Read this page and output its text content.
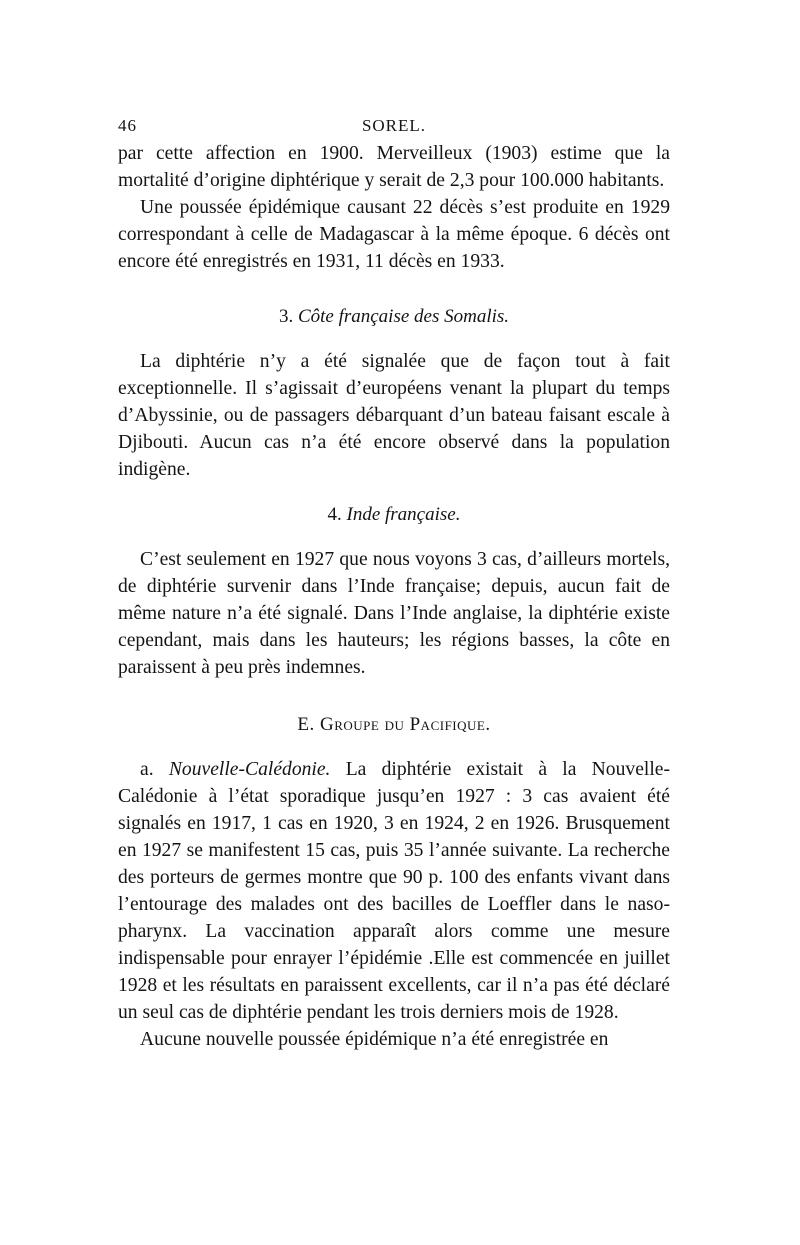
46	SOREL.

par cette affection en 1900. Merveilleux (1903) estime que la mortalité d’origine diphtérique y serait de 2,3 pour 100.000 habitants.

Une poussée épidémique causant 22 décès s’est produite en 1929 correspondant à celle de Madagascar à la même époque. 6 décès ont encore été enregistrés en 1931, 11 décès en 1933.

3. Côte française des Somalis.

La diphtérie n’y a été signalée que de façon tout à fait exceptionnelle. Il s’agissait d’européens venant la plupart du temps d’Abyssinie, ou de passagers débarquant d’un bateau faisant escale à Djibouti. Aucun cas n’a été encore observé dans la population indigène.

4. Inde française.

C’est seulement en 1927 que nous voyons 3 cas, d’ailleurs mortels, de diphtérie survenir dans l’Inde française; depuis, aucun fait de même nature n’a été signalé. Dans l’Inde anglaise, la diphtérie existe cependant, mais dans les hauteurs; les régions basses, la côte en paraissent à peu près indemnes.

E. Groupe du Pacifique.

a. Nouvelle-Calédonie. La diphtérie existait à la Nouvelle-Calédonie à l’état sporadique jusqu’en 1927 : 3 cas avaient été signalés en 1917, 1 cas en 1920, 3 en 1924, 2 en 1926. Brusquement en 1927 se manifestent 15 cas, puis 35 l’année suivante. La recherche des porteurs de germes montre que 90 p. 100 des enfants vivant dans l’entourage des malades ont des bacilles de Loeffler dans le naso-pharynx. La vaccination apparaît alors comme une mesure indispensable pour enrayer l’épidémie .Elle est commencée en juillet 1928 et les résultats en paraissent excellents, car il n’a pas été déclaré un seul cas de diphtérie pendant les trois derniers mois de 1928.

Aucune nouvelle poussée épidémique n’a été enregistrée en
